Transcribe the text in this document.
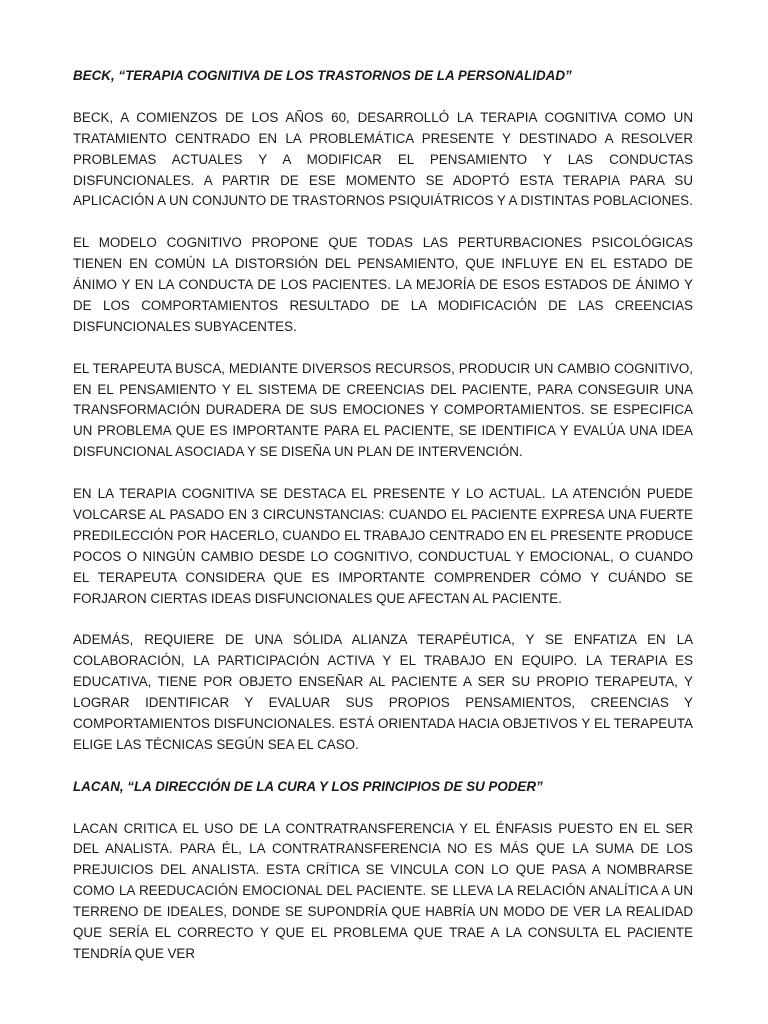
BECK, “TERAPIA COGNITIVA DE LOS TRASTORNOS DE LA PERSONALIDAD”

BECK, A COMIENZOS DE LOS AÑOS 60, DESARROLLÓ LA TERAPIA COGNITIVA COMO UN TRATAMIENTO CENTRADO EN LA PROBLEMÁTICA PRESENTE Y DESTINADO A RESOLVER PROBLEMAS ACTUALES Y A MODIFICAR EL PENSAMIENTO Y LAS CONDUCTAS DISFUNCIONALES. A PARTIR DE ESE MOMENTO SE ADOPTÓ ESTA TERAPIA PARA SU APLICACIÓN A UN CONJUNTO DE TRASTORNOS PSIQUIÁTRICOS Y A DISTINTAS POBLACIONES.

EL MODELO COGNITIVO PROPONE QUE TODAS LAS PERTURBACIONES PSICOLÓGICAS TIENEN EN COMÚN LA DISTORSIÓN DEL PENSAMIENTO, QUE INFLUYE EN EL ESTADO DE ÁNIMO Y EN LA CONDUCTA DE LOS PACIENTES. LA MEJORÍA DE ESOS ESTADOS DE ÁNIMO Y DE LOS COMPORTAMIENTOS RESULTADO DE LA MODIFICACIÓN DE LAS CREENCIAS DISFUNCIONALES SUBYACENTES.

EL TERAPEUTA BUSCA, MEDIANTE DIVERSOS RECURSOS, PRODUCIR UN CAMBIO COGNITIVO, EN EL PENSAMIENTO Y EL SISTEMA DE CREENCIAS DEL PACIENTE, PARA CONSEGUIR UNA TRANSFORMACIÓN DURADERA DE SUS EMOCIONES Y COMPORTAMIENTOS. SE ESPECIFICA UN PROBLEMA QUE ES IMPORTANTE PARA EL PACIENTE, SE IDENTIFICA Y EVALÚA UNA IDEA DISFUNCIONAL ASOCIADA Y SE DISEÑA UN PLAN DE INTERVENCIÓN.

EN LA TERAPIA COGNITIVA SE DESTACA EL PRESENTE Y LO ACTUAL. LA ATENCIÓN PUEDE VOLCARSE AL PASADO EN 3 CIRCUNSTANCIAS: CUANDO EL PACIENTE EXPRESA UNA FUERTE PREDILECCIÓN POR HACERLO, CUANDO EL TRABAJO CENTRADO EN EL PRESENTE PRODUCE POCOS O NINGÚN CAMBIO DESDE LO COGNITIVO, CONDUCTUAL Y EMOCIONAL, O CUANDO EL TERAPEUTA CONSIDERA QUE ES IMPORTANTE COMPRENDER CÓMO Y CUÁNDO SE FORJARON CIERTAS IDEAS DISFUNCIONALES QUE AFECTAN AL PACIENTE.

ADEMÁS, REQUIERE DE UNA SÓLIDA ALIANZA TERAPÉUTICA, Y SE ENFATIZA EN LA COLABORACIÓN, LA PARTICIPACIÓN ACTIVA Y EL TRABAJO EN EQUIPO. LA TERAPIA ES EDUCATIVA, TIENE POR OBJETO ENSEÑAR AL PACIENTE A SER SU PROPIO TERAPEUTA, Y LOGRAR IDENTIFICAR Y EVALUAR SUS PROPIOS PENSAMIENTOS, CREENCIAS Y COMPORTAMIENTOS DISFUNCIONALES. ESTÁ ORIENTADA HACIA OBJETIVOS Y EL TERAPEUTA ELIGE LAS TÉCNICAS SEGÚN SEA EL CASO.

LACAN, “LA DIRECCIÓN DE LA CURA Y LOS PRINCIPIOS DE SU PODER”

LACAN CRITICA EL USO DE LA CONTRATRANSFERENCIA Y EL ÉNFASIS PUESTO EN EL SER DEL ANALISTA. PARA ÉL, LA CONTRATRANSFERENCIA NO ES MÁS QUE LA SUMA DE LOS PREJUICIOS DEL ANALISTA. ESTA CRÍTICA SE VINCULA CON LO QUE PASA A NOMBRARSE COMO LA REEDUCACIÓN EMOCIONAL DEL PACIENTE. SE LLEVA LA RELACIÓN ANALÍTICA A UN TERRENO DE IDEALES, DONDE SE SUPONDRÍA QUE HABRÍA UN MODO DE VER LA REALIDAD QUE SERÍA EL CORRECTO Y QUE EL PROBLEMA QUE TRAE A LA CONSULTA EL PACIENTE TENDRÍA QUE VER
